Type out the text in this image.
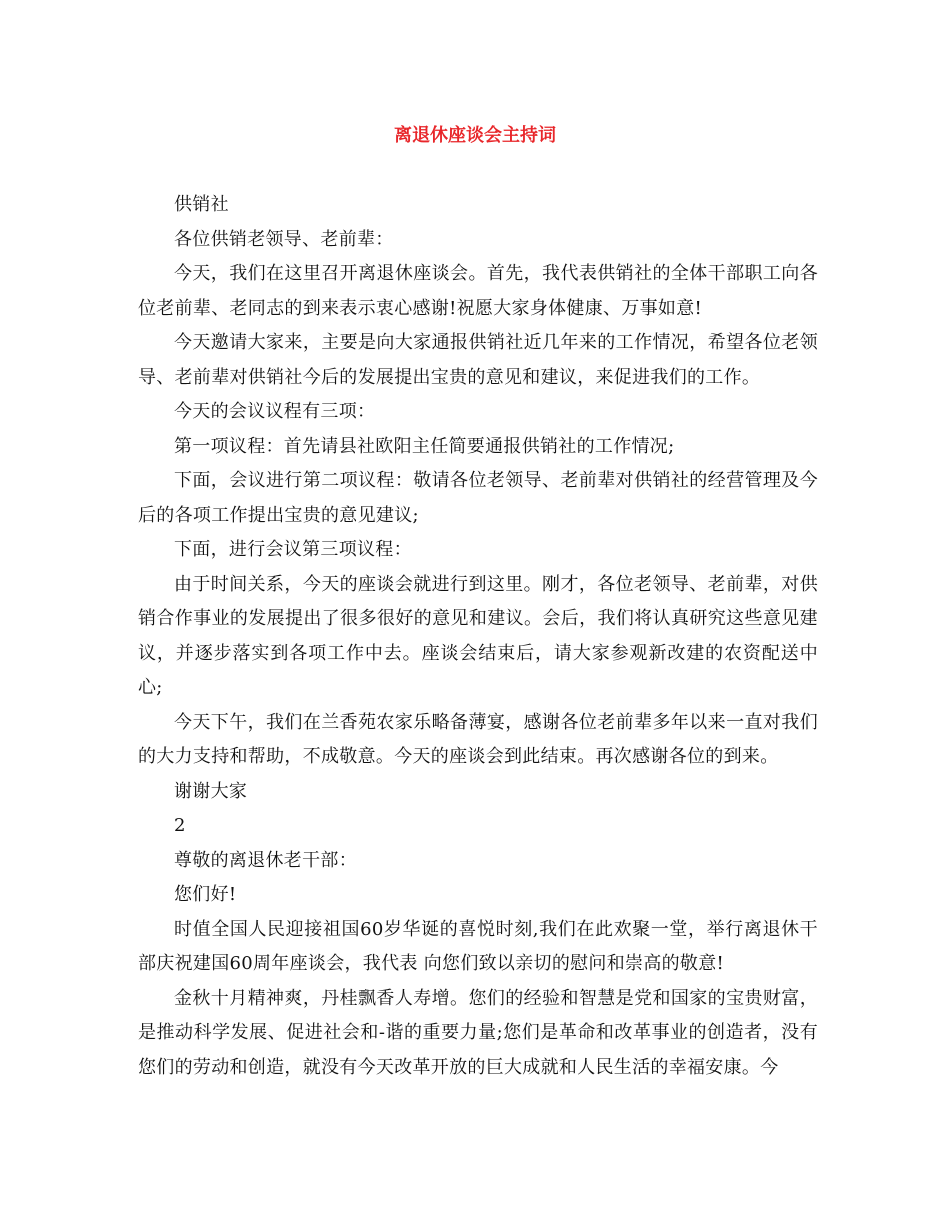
离退休座谈会主持词

供销社

各位供销老领导、老前辈：

今天，我们在这里召开离退休座谈会。首先，我代表供销社的全体干部职工向各位老前辈、老同志的到来表示衷心感谢!祝愿大家身体健康、万事如意!

今天邀请大家来，主要是向大家通报供销社近几年来的工作情况，希望各位老领导、老前辈对供销社今后的发展提出宝贵的意见和建议，来促进我们的工作。

今天的会议议程有三项：

第一项议程：首先请县社欧阳主任简要通报供销社的工作情况;

下面，会议进行第二项议程：敬请各位老领导、老前辈对供销社的经营管理及今后的各项工作提出宝贵的意见建议;

下面，进行会议第三项议程：

由于时间关系，今天的座谈会就进行到这里。刚才，各位老领导、老前辈，对供销合作事业的发展提出了很多很好的意见和建议。会后，我们将认真研究这些意见建议，并逐步落实到各项工作中去。座谈会结束后，请大家参观新改建的农资配送中心;

今天下午，我们在兰香苑农家乐略备薄宴，感谢各位老前辈多年以来一直对我们的大力支持和帮助，不成敬意。今天的座谈会到此结束。再次感谢各位的到来。

谢谢大家

2

尊敬的离退休老干部：

您们好!

时值全国人民迎接祖国60岁华诞的喜悦时刻,我们在此欢聚一堂，举行离退休干部庆祝建国60周年座谈会，我代表 向您们致以亲切的慰问和崇高的敬意!

金秋十月精神爽，丹桂飘香人寿增。您们的经验和智慧是党和国家的宝贵财富，是推动科学发展、促进社会和-谐的重要力量;您们是革命和改革事业的创造者，没有您们的劳动和创造，就没有今天改革开放的巨大成就和人民生活的幸福安康。今
